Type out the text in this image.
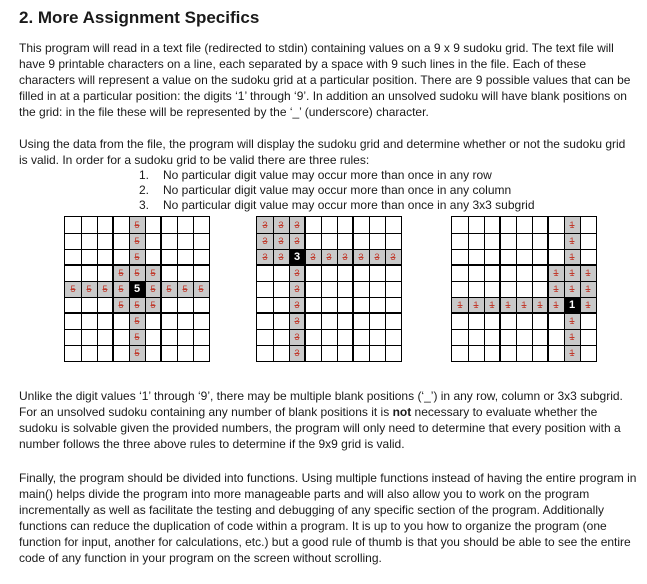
2. More Assignment Specifics

This program will read in a text file (redirected to stdin) containing values on a 9 x 9 sudoku grid. The text file will have 9 printable characters on a line, each separated by a space with 9 such lines in the file. Each of these characters will represent a value on the sudoku grid at a particular position. There are 9 possible values that can be filled in at a particular position: the digits ‘1’ through ‘9’. In addition an unsolved sudoku will have blank positions on the grid: in the file these will be represented by the ‘_’ (underscore) character.

Using the data from the file, the program will display the sudoku grid and determine whether or not the sudoku grid is valid. In order for a sudoku grid to be valid there are three rules:

1.	No particular digit value may occur more than once in any row
2.	No particular digit value may occur more than once in any column
3.	No particular digit value may occur more than once in any 3x3 subgrid
5
5
5
5	5	5
5	5	5	5	5	5	5	5
5	5	5
5
5
5
5
3	3	3
3	3	3
3	3	3	3	3	3	3	3
3
3
3
3
3
3
3
1
1
1
1	1	1
1	1	1
1	1	1	1	1	1	1	1
1
1
1
1

Unlike the digit values ‘1’ through ‘9’, there may be multiple blank positions (‘_’) in any row, column or 3x3 subgrid. For an unsolved sudoku containing any number of blank positions it is not necessary to evaluate whether the sudoku is solvable given the provided numbers, the program will only need to determine that every position with a number follows the three above rules to determine if the 9x9 grid is valid.

Finally, the program should be divided into functions. Using multiple functions instead of having the entire program in main() helps divide the program into more manageable parts and will also allow you to work on the program incrementally as well as facilitate the testing and debugging of any specific section of the program. Additionally functions can reduce the duplication of code within a program. It is up to you how to organize the program (one function for input, another for calculations, etc.) but a good rule of thumb is that you should be able to see the entire code of any function in your program on the screen without scrolling.
